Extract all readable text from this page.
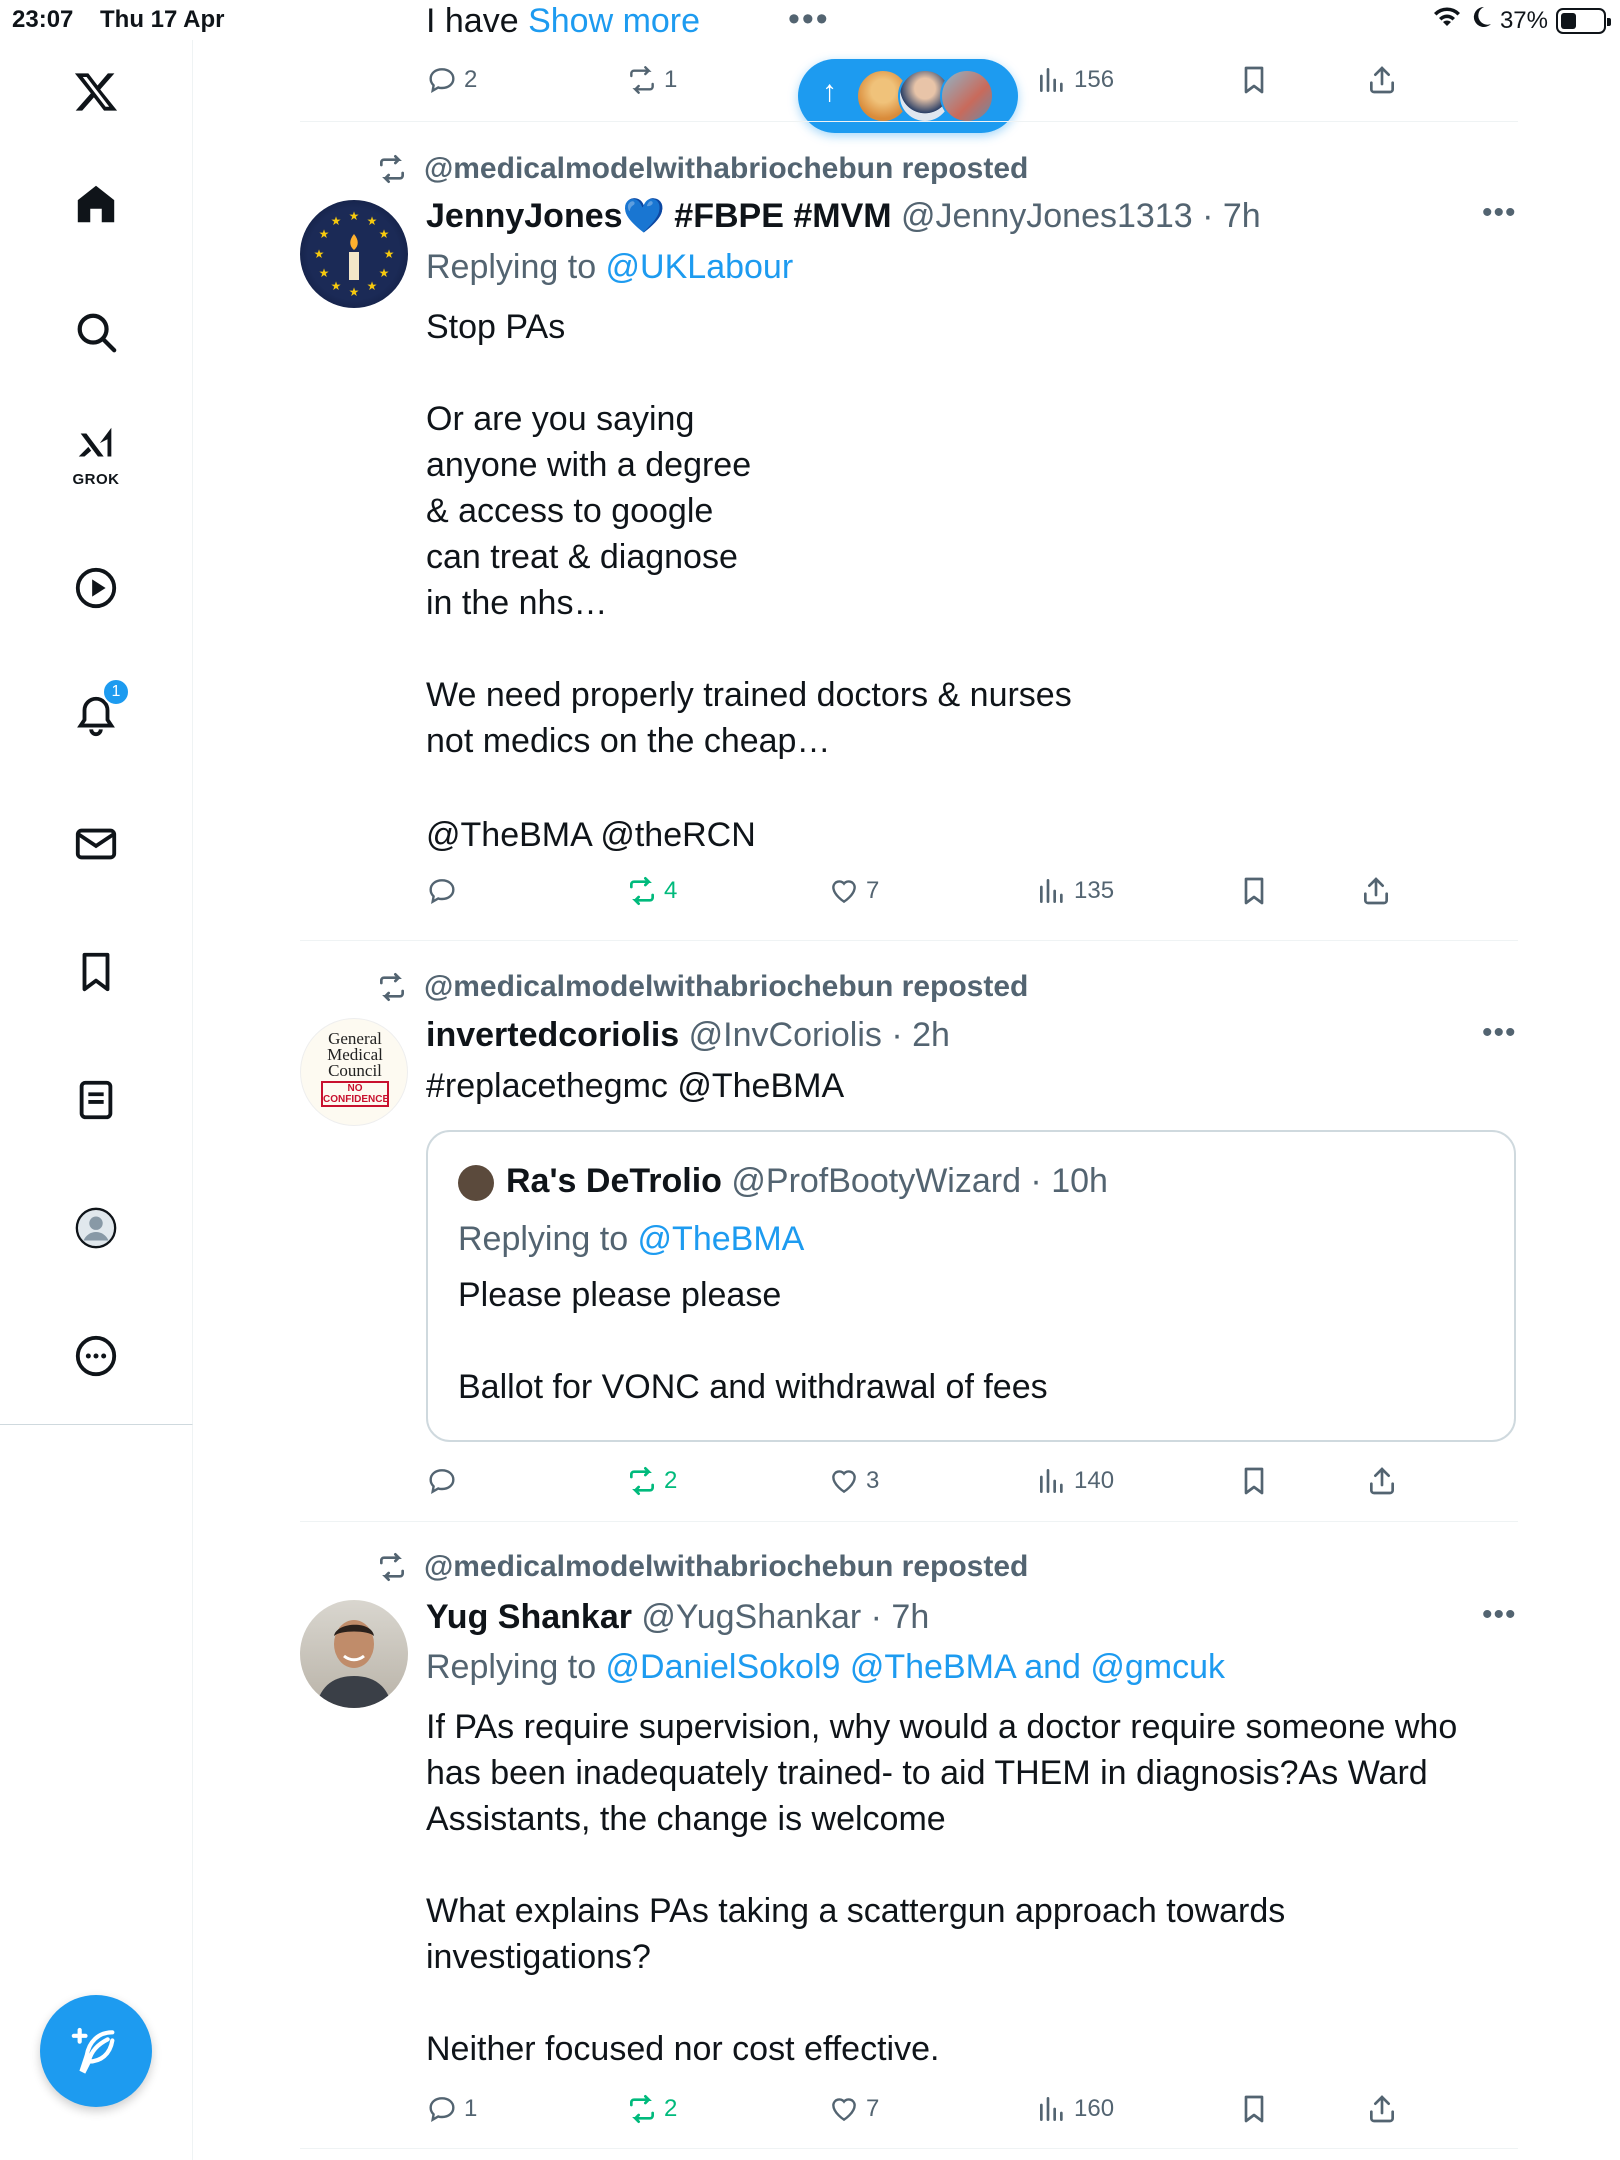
23:07 Thu 17 Apr	37%
GROK
1
I have Show more	•••
2	1	156
↑
@medicalmodelwithabriochebun reposted
★ ★
★
★
★
★
★
★
★
★
★
★ JennyJones💙 #FBPE #MVM @JennyJones1313 · 7h	•••
Replying to @UKLabour
Stop PAs

Or are you saying
anyone with a degree
& access to google
can treat & diagnose
in the nhs…

We need properly trained doctors & nurses
not medics on the cheap…
@TheBMA @theRCN
4	7	135
@medicalmodelwithabriochebun reposted
General
Medical
Council
NO
CONFIDENCE
invertedcoriolis @InvCoriolis · 2h	•••
#replacethegmc @TheBMA
Ra's DeTrolio @ProfBootyWizard · 10h
Replying to @TheBMA
Please please please

Ballot for VONC and withdrawal of fees
2	3	140
@medicalmodelwithabriochebun reposted
Yug Shankar @YugShankar · 7h	•••
Replying to @DanielSokol9 @TheBMA and @gmcuk
If PAs require supervision, why would a doctor require someone who has been inadequately trained- to aid THEM in diagnosis?As Ward Assistants, the change is welcome

What explains PAs taking a scattergun approach towards investigations?

Neither focused nor cost effective.
1	2	7	160
